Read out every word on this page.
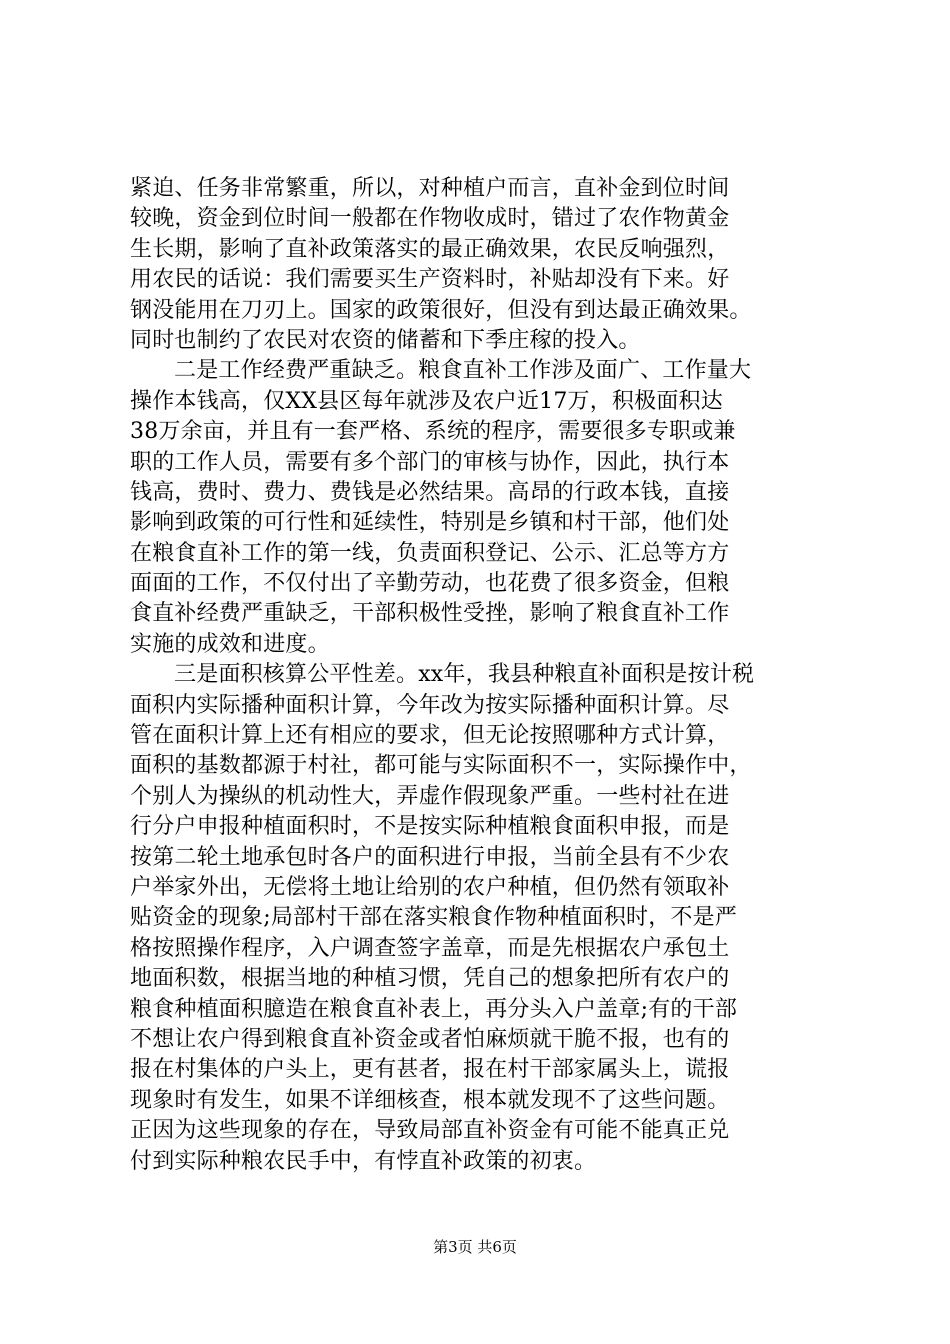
紧迫、任务非常繁重，所以，对种植户而言，直补金到位时间
较晚，资金到位时间一般都在作物收成时，错过了农作物黄金
生长期，影响了直补政策落实的最正确效果，农民反响强烈，
用农民的话说：我们需要买生产资料时，补贴却没有下来。好
钢没能用在刀刃上。国家的政策很好，但没有到达最正确效果。
同时也制约了农民对农资的储蓄和下季庄稼的投入。
二是工作经费严重缺乏。粮食直补工作涉及面广、工作量大
操作本钱高，仅XX县区每年就涉及农户近17万，积极面积达
38万余亩，并且有一套严格、系统的程序，需要很多专职或兼
职的工作人员，需要有多个部门的审核与协作，因此，执行本
钱高，费时、费力、费钱是必然结果。高昂的行政本钱，直接
影响到政策的可行性和延续性，特别是乡镇和村干部，他们处
在粮食直补工作的第一线，负责面积登记、公示、汇总等方方
面面的工作，不仅付出了辛勤劳动，也花费了很多资金，但粮
食直补经费严重缺乏，干部积极性受挫，影响了粮食直补工作
实施的成效和进度。
三是面积核算公平性差。xx年，我县种粮直补面积是按计税
面积内实际播种面积计算，今年改为按实际播种面积计算。尽
管在面积计算上还有相应的要求，但无论按照哪种方式计算，
面积的基数都源于村社，都可能与实际面积不一，实际操作中，
个别人为操纵的机动性大，弄虚作假现象严重。一些村社在进
行分户申报种植面积时，不是按实际种植粮食面积申报，而是
按第二轮土地承包时各户的面积进行申报，当前全县有不少农
户举家外出，无偿将土地让给别的农户种植，但仍然有领取补
贴资金的现象;局部村干部在落实粮食作物种植面积时，不是严
格按照操作程序，入户调查签字盖章，而是先根据农户承包土
地面积数，根据当地的种植习惯，凭自己的想象把所有农户的
粮食种植面积臆造在粮食直补表上，再分头入户盖章;有的干部
不想让农户得到粮食直补资金或者怕麻烦就干脆不报，也有的
报在村集体的户头上，更有甚者，报在村干部家属头上，谎报
现象时有发生，如果不详细核查，根本就发现不了这些问题。
正因为这些现象的存在，导致局部直补资金有可能不能真正兑
付到实际种粮农民手中，有悖直补政策的初衷。
第3页 共6页
